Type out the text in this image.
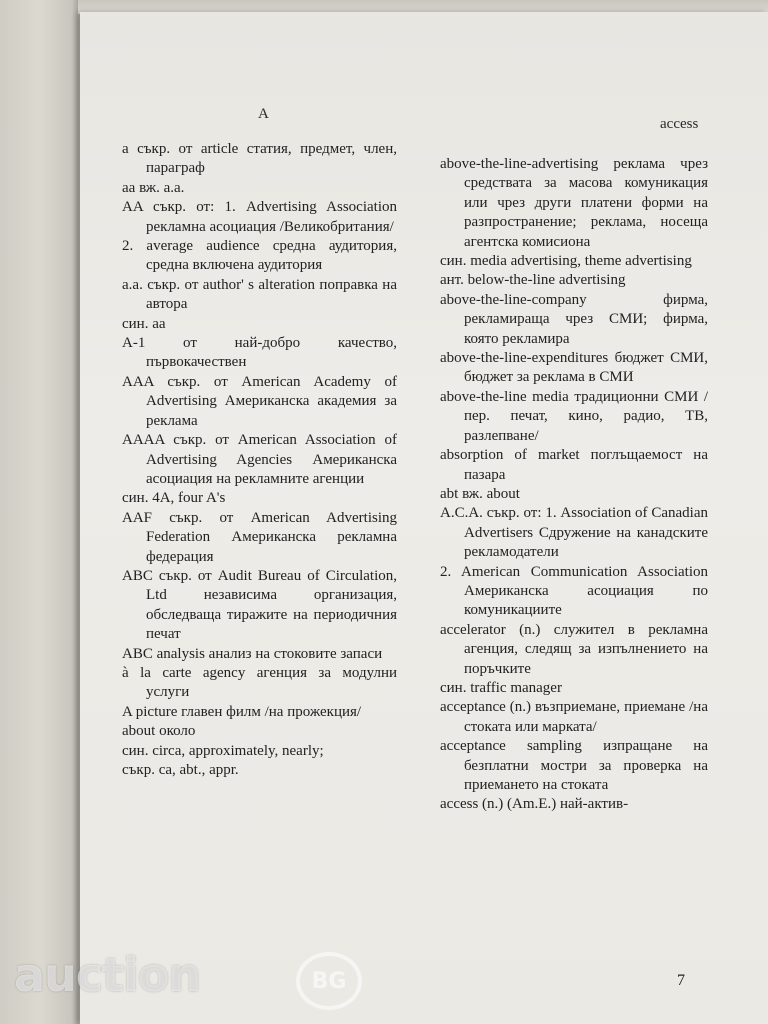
A
access

a съкр. от article статия, предмет, член, параграф

аа вж. a.a.

AA съкр. от: 1. Advertising Association рекламна асоциация /Великобритания/

2. average audience средна аудитория, средна включена аудитория

a.a. съкр. от author' s alteration поправка на автора

син. aa

A-1 от най-добро качество, първокачествен

AAA съкр. от American Academy of Advertising Американска академия за реклама

AAAA съкр. от American Association of Advertising Agencies Американска асоциация на рекламните агенции

син. 4A, four A's

AAF съкр. от American Advertising Federation Американска рекламна федерация

ABC съкр. от Audit Bureau of Circulation, Ltd независима организация, обследваща тиражите на периодичния печат

ABC analysis анализ на стоковите запаси

à la carte agency агенция за модулни услуги

A picture главен филм /на прожекция/

about около

син. circa, approximately, nearly;

съкр. ca, abt., appr.

above-the-line-advertising реклама чрез средствата за масова комуникация или чрез други платени форми на разпространение; реклама, носеща агентска комисиона

син. media advertising, theme advertising

ант. below-the-line advertising

above-the-line-company фирма, рекламираща чрез СМИ; фирма, която рекламира

above-the-line-expenditures бюджет СМИ, бюджет за реклама в СМИ

above-the-line media традиционни СМИ /пер. печат, кино, радио, ТВ, разлепване/

absorption of market поглъщаемост на пазара

abt вж. about

A.C.A. съкр. от: 1. Association of Canadian Advertisers Сдружение на канадските рекламодатели

2. American Communication Association Американска асоциация по комуникациите

accelerator (n.) служител в рекламна агенция, следящ за изпълнението на поръчките

син. traffic manager

acceptance (n.) възприемане, приемане /на стоката или марката/

acceptance sampling изпращане на безплатни мостри за проверка на приемането на стоката

access (n.) (Am.E.) най-актив-

7
auction	BG
